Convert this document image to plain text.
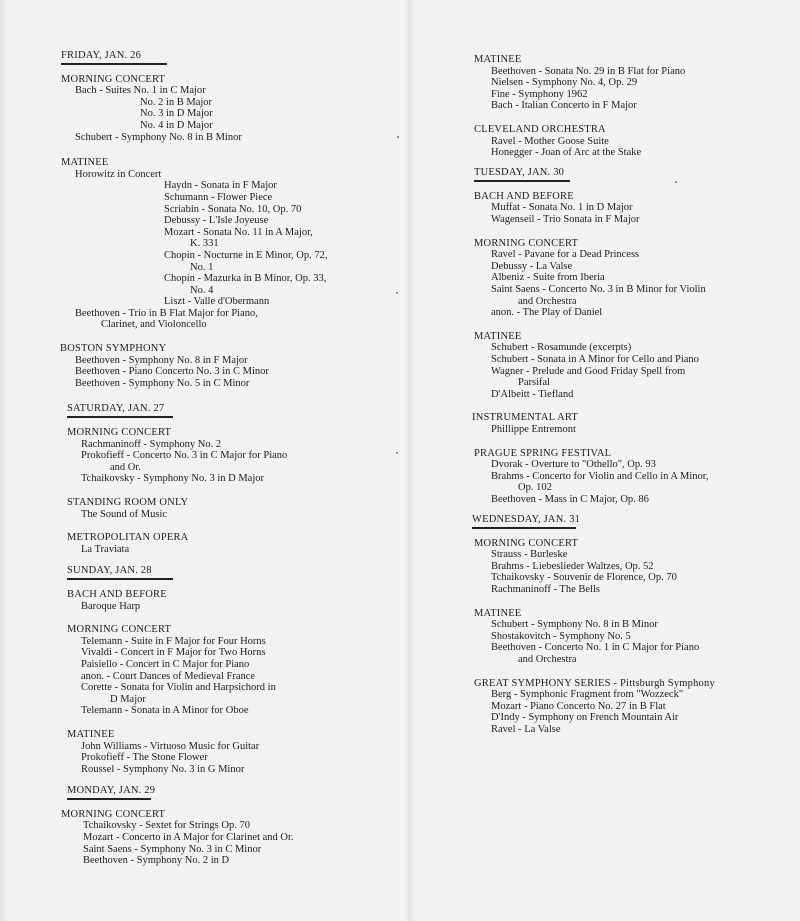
FRIDAY, JAN. 26
MORNING CONCERT
Bach - Suites No. 1 in C Major
No. 2 in B Major
No. 3 in D Major
No. 4 in D Major
Schubert - Symphony No. 8 in B Minor
MATINEE
Horowitz in Concert
Haydn - Sonata in F Major
Schumann - Flower Piece
Scriabin - Sonata No. 10, Op. 70
Debussy - L'Isle Joyeuse
Mozart - Sonata No. 11 in A Major,
K. 331
Chopin - Nocturne in E Minor, Op. 72,
No. 1
Chopin - Mazurka in B Minor, Op. 33,
No. 4
Liszt - Valle d'Obermann
Beethoven - Trio in B Flat Major for Piano,
Clarinet, and Violoncello
BOSTON SYMPHONY
Beethoven - Symphony No. 8 in F Major
Beethoven - Piano Concerto No. 3 in C Minor
Beethoven - Symphony No. 5 in C Minor
SATURDAY, JAN. 27
MORNING CONCERT
Rachmaninoff - Symphony No. 2
Prokofieff - Concerto No. 3 in C Major for Piano
and Or.
Tchaikovsky - Symphony No. 3 in D Major
STANDING ROOM ONLY
The Sound of Music
METROPOLITAN OPERA
La Traviata
SUNDAY, JAN. 28
BACH AND BEFORE
Baroque Harp
MORNING CONCERT
Telemann - Suite in F Major for Four Horns
Vivaldi - Concert in F Major for Two Horns
Paisiello - Concert in C Major for Piano
anon. - Court Dances of Medieval France
Corette - Sonata for Violin and Harpsichord in
D Major
Telemann - Sonata in A Minor for Oboe
MATINEE
John Williams - Virtuoso Music for Guitar
Prokofieff - The Stone Flower
Roussel - Symphony No. 3 in G Minor
MONDAY, JAN. 29
MORNING CONCERT
Tchaikovsky - Sextet for Strings Op. 70
Mozart - Concerto in A Major for Clarinet and Or.
Saint Saens - Symphony No. 3 in C Minor
Beethoven - Symphony No. 2 in D
MATINEE
Beethoven - Sonata No. 29 in B Flat for Piano
Nielsen - Symphony No. 4, Op. 29
Fine - Symphony 1962
Bach - Italian Concerto in F Major
CLEVELAND ORCHESTRA
Ravel - Mother Goose Suite
Honegger - Joan of Arc at the Stake
TUESDAY, JAN. 30
BACH AND BEFORE
Muffat - Sonata No. 1 in D Major
Wagenseil - Trio Sonata in F Major
MORNING CONCERT
Ravel - Pavane for a Dead Princess
Debussy - La Valse
Albeniz - Suite from Iberia
Saint Saens - Concerto No. 3 in B Minor for Violin
and Orchestra
anon. - The Play of Daniel
MATINEE
Schubert - Rosamunde (excerpts)
Schubert - Sonata in A Minor for Cello and Piano
Wagner - Prelude and Good Friday Spell from
Parsifal
D'Albeitt - Tiefland
INSTRUMENTAL ART
Phillippe Entremont
PRAGUE SPRING FESTIVAL
Dvorak - Overture to "Othello", Op. 93
Brahms - Concerto for Violin and Cello in A Minor,
Op. 102
Beethoven - Mass in C Major, Op. 86
WEDNESDAY, JAN. 31
MORNING CONCERT
Strauss - Burleske
Brahms - Liebeslieder Waltzes, Op. 52
Tchaikovsky - Souvenir de Florence, Op. 70
Rachmaninoff - The Bells
MATINEE
Schubert - Symphony No. 8 in B Minor
Shostakovitch - Symphony No. 5
Beethoven - Concerto No. 1 in C Major for Piano
and Orchestra
GREAT SYMPHONY SERIES - Pittsburgh Symphony
Berg - Symphonic Fragment from "Wozzeck"
Mozart - Piano Concerto No. 27 in B Flat
D'Indy - Symphony on French Mountain Air
Ravel - La Valse
